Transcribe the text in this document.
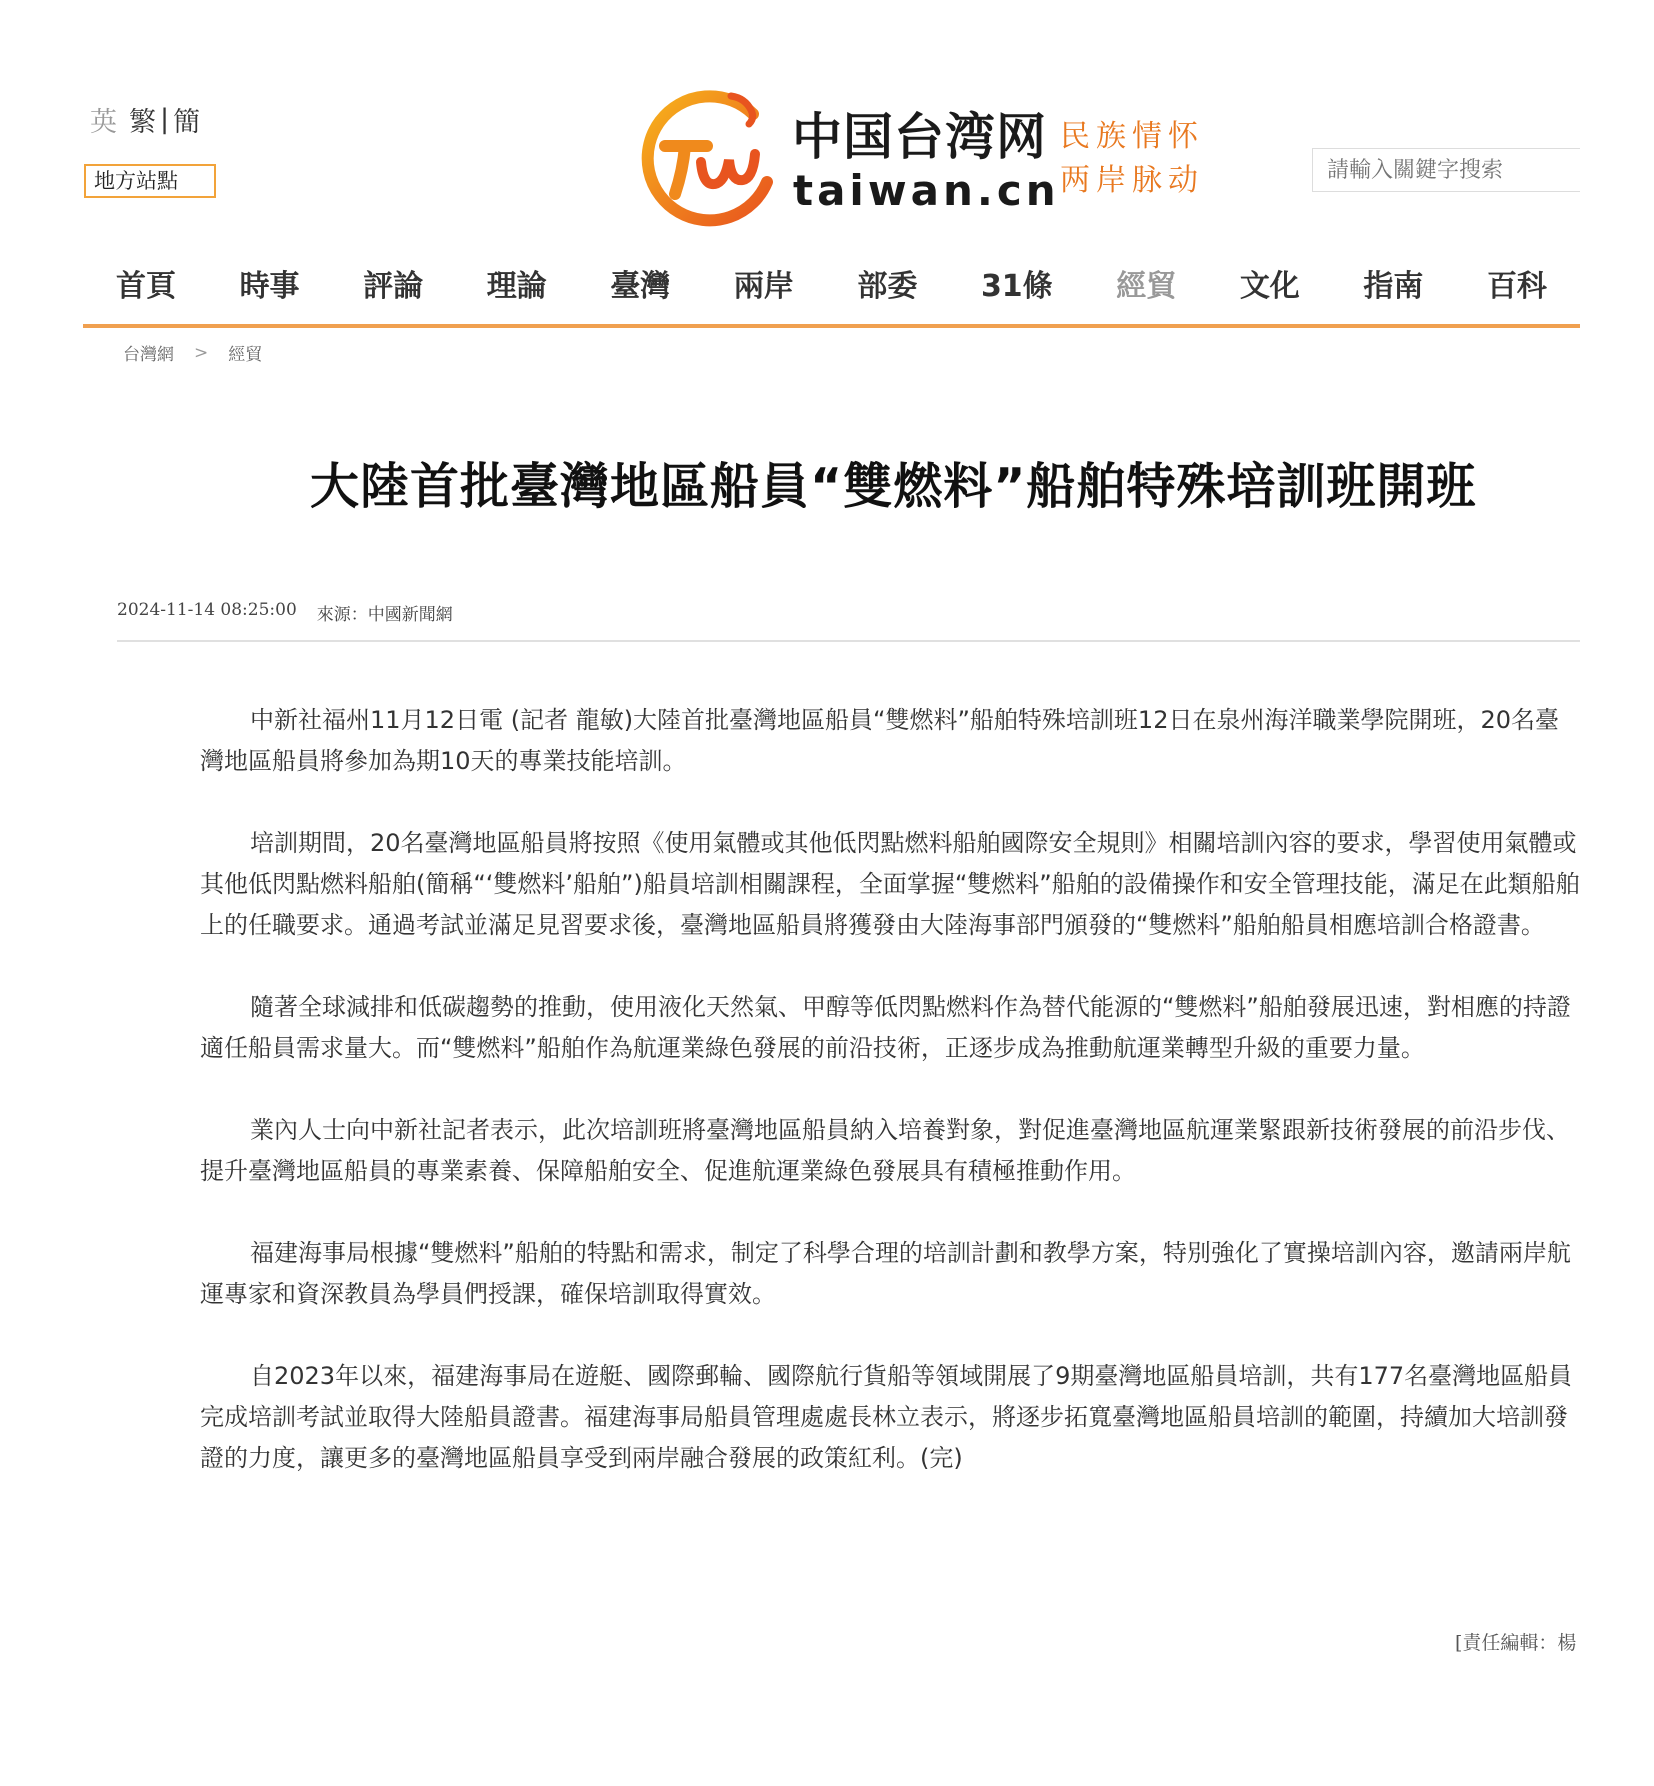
英 繁 | 簡
地方站點
中国台湾网
taiwan.cn
民族情怀
两岸脉动
請輸入關鍵字搜索
首頁 時事 評論 理論 臺灣 兩岸 部委 31條 經貿 文化 指南 百科
台灣網 > 經貿
大陸首批臺灣地區船員“雙燃料”船舶特殊培訓班開班
2024-11-14 08:25:00 來源：中國新聞網

中新社福州11月12日電 (記者 龍敏)大陸首批臺灣地區船員“雙燃料”船舶特殊培訓班12日在泉州海洋職業學院開班，20名臺灣地區船員將參加為期10天的專業技能培訓。

培訓期間，20名臺灣地區船員將按照《使用氣體或其他低閃點燃料船舶國際安全規則》相關培訓內容的要求，學習使用氣體或其他低閃點燃料船舶(簡稱“‘雙燃料’船舶”)船員培訓相關課程，全面掌握“雙燃料”船舶的設備操作和安全管理技能，滿足在此類船舶上的任職要求。通過考試並滿足見習要求後，臺灣地區船員將獲發由大陸海事部門頒發的“雙燃料”船舶船員相應培訓合格證書。

隨著全球減排和低碳趨勢的推動，使用液化天然氣、甲醇等低閃點燃料作為替代能源的“雙燃料”船舶發展迅速，對相應的持證適任船員需求量大。而“雙燃料”船舶作為航運業綠色發展的前沿技術，正逐步成為推動航運業轉型升級的重要力量。

業內人士向中新社記者表示，此次培訓班將臺灣地區船員納入培養對象，對促進臺灣地區航運業緊跟新技術發展的前沿步伐、提升臺灣地區船員的專業素養、保障船舶安全、促進航運業綠色發展具有積極推動作用。

福建海事局根據“雙燃料”船舶的特點和需求，制定了科學合理的培訓計劃和教學方案，特別強化了實操培訓內容，邀請兩岸航運專家和資深教員為學員們授課，確保培訓取得實效。

自2023年以來，福建海事局在遊艇、國際郵輪、國際航行貨船等領域開展了9期臺灣地區船員培訓，共有177名臺灣地區船員完成培訓考試並取得大陸船員證書。福建海事局船員管理處處長林立表示，將逐步拓寬臺灣地區船員培訓的範圍，持續加大培訓發證的力度，讓更多的臺灣地區船員享受到兩岸融合發展的政策紅利。(完)

[責任編輯：楊
